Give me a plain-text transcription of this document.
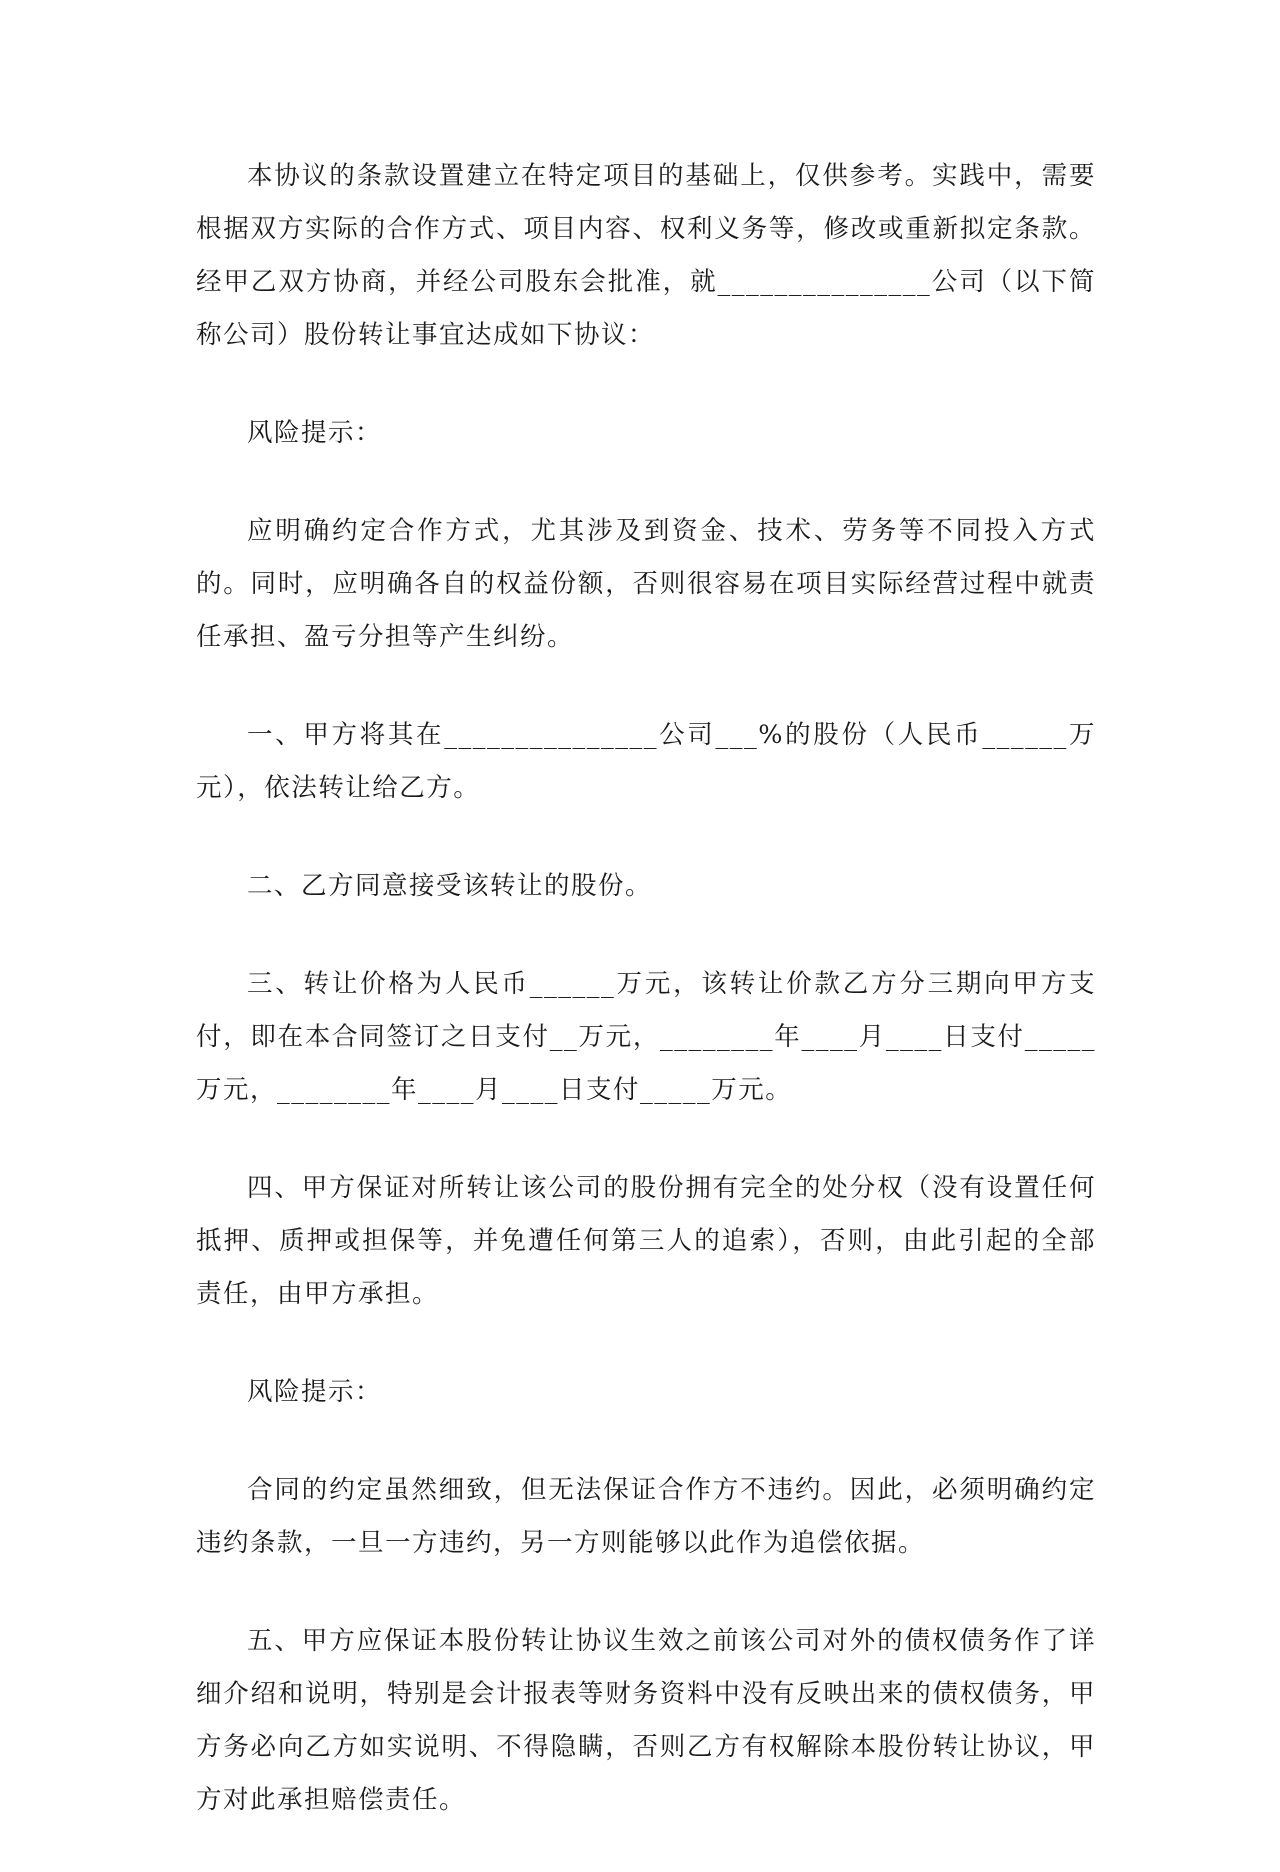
本协议的条款设置建立在特定项目的基础上，仅供参考。实践中，需要根据双方实际的合作方式、项目内容、权利义务等，修改或重新拟定条款。 经甲乙双方协商，并经公司股东会批准，就_______________公司（以下简称公司）股份转让事宜达成如下协议：

风险提示：

应明确约定合作方式，尤其涉及到资金、技术、劳务等不同投入方式的。同时，应明确各自的权益份额，否则很容易在项目实际经营过程中就责任承担、盈亏分担等产生纠纷。

一、甲方将其在_______________公司___%的股份（人民币______万元），依法转让给乙方。

二、乙方同意接受该转让的股份。

三、转让价格为人民币______万元，该转让价款乙方分三期向甲方支付，即在本合同签订之日支付__万元，________年____月____日支付_____万元，________年____月____日支付_____万元。

四、甲方保证对所转让该公司的股份拥有完全的处分权（没有设置任何抵押、质押或担保等，并免遭任何第三人的追索），否则，由此引起的全部责任，由甲方承担。

风险提示：

合同的约定虽然细致，但无法保证合作方不违约。因此，必须明确约定违约条款，一旦一方违约，另一方则能够以此作为追偿依据。

五、甲方应保证本股份转让协议生效之前该公司对外的债权债务作了详细介绍和说明，特别是会计报表等财务资料中没有反映出来的债权债务，甲方务必向乙方如实说明、不得隐瞒，否则乙方有权解除本股份转让协议，甲方对此承担赔偿责任。
